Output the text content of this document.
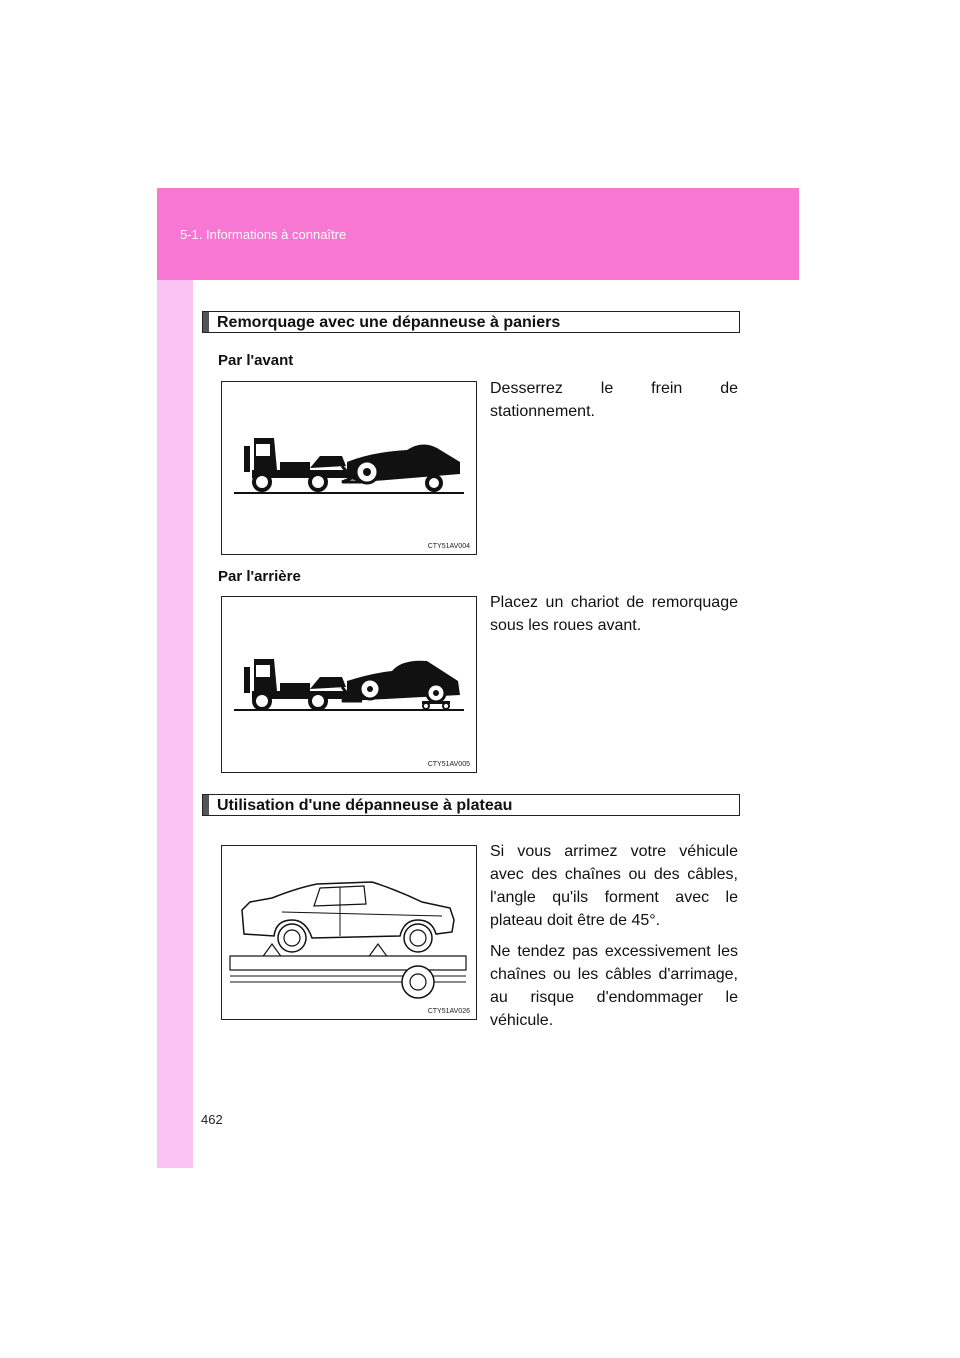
5-1. Informations à connaître
Remorquage avec une dépanneuse à paniers
Par l'avant

Desserrez le frein de stationnement.

CTY51AV004
Par l'arrière

Placez un chariot de remorquage sous les roues avant.

CTY51AV005
Utilisation d'une dépanneuse à plateau

Si vous arrimez votre véhicule avec des chaînes ou des câbles, l'angle qu'ils forment avec le plateau doit être de 45°.

Ne tendez pas excessivement les chaînes ou les câbles d'arrimage, au risque d'endommager le véhicule.

CTY51AV026
462
